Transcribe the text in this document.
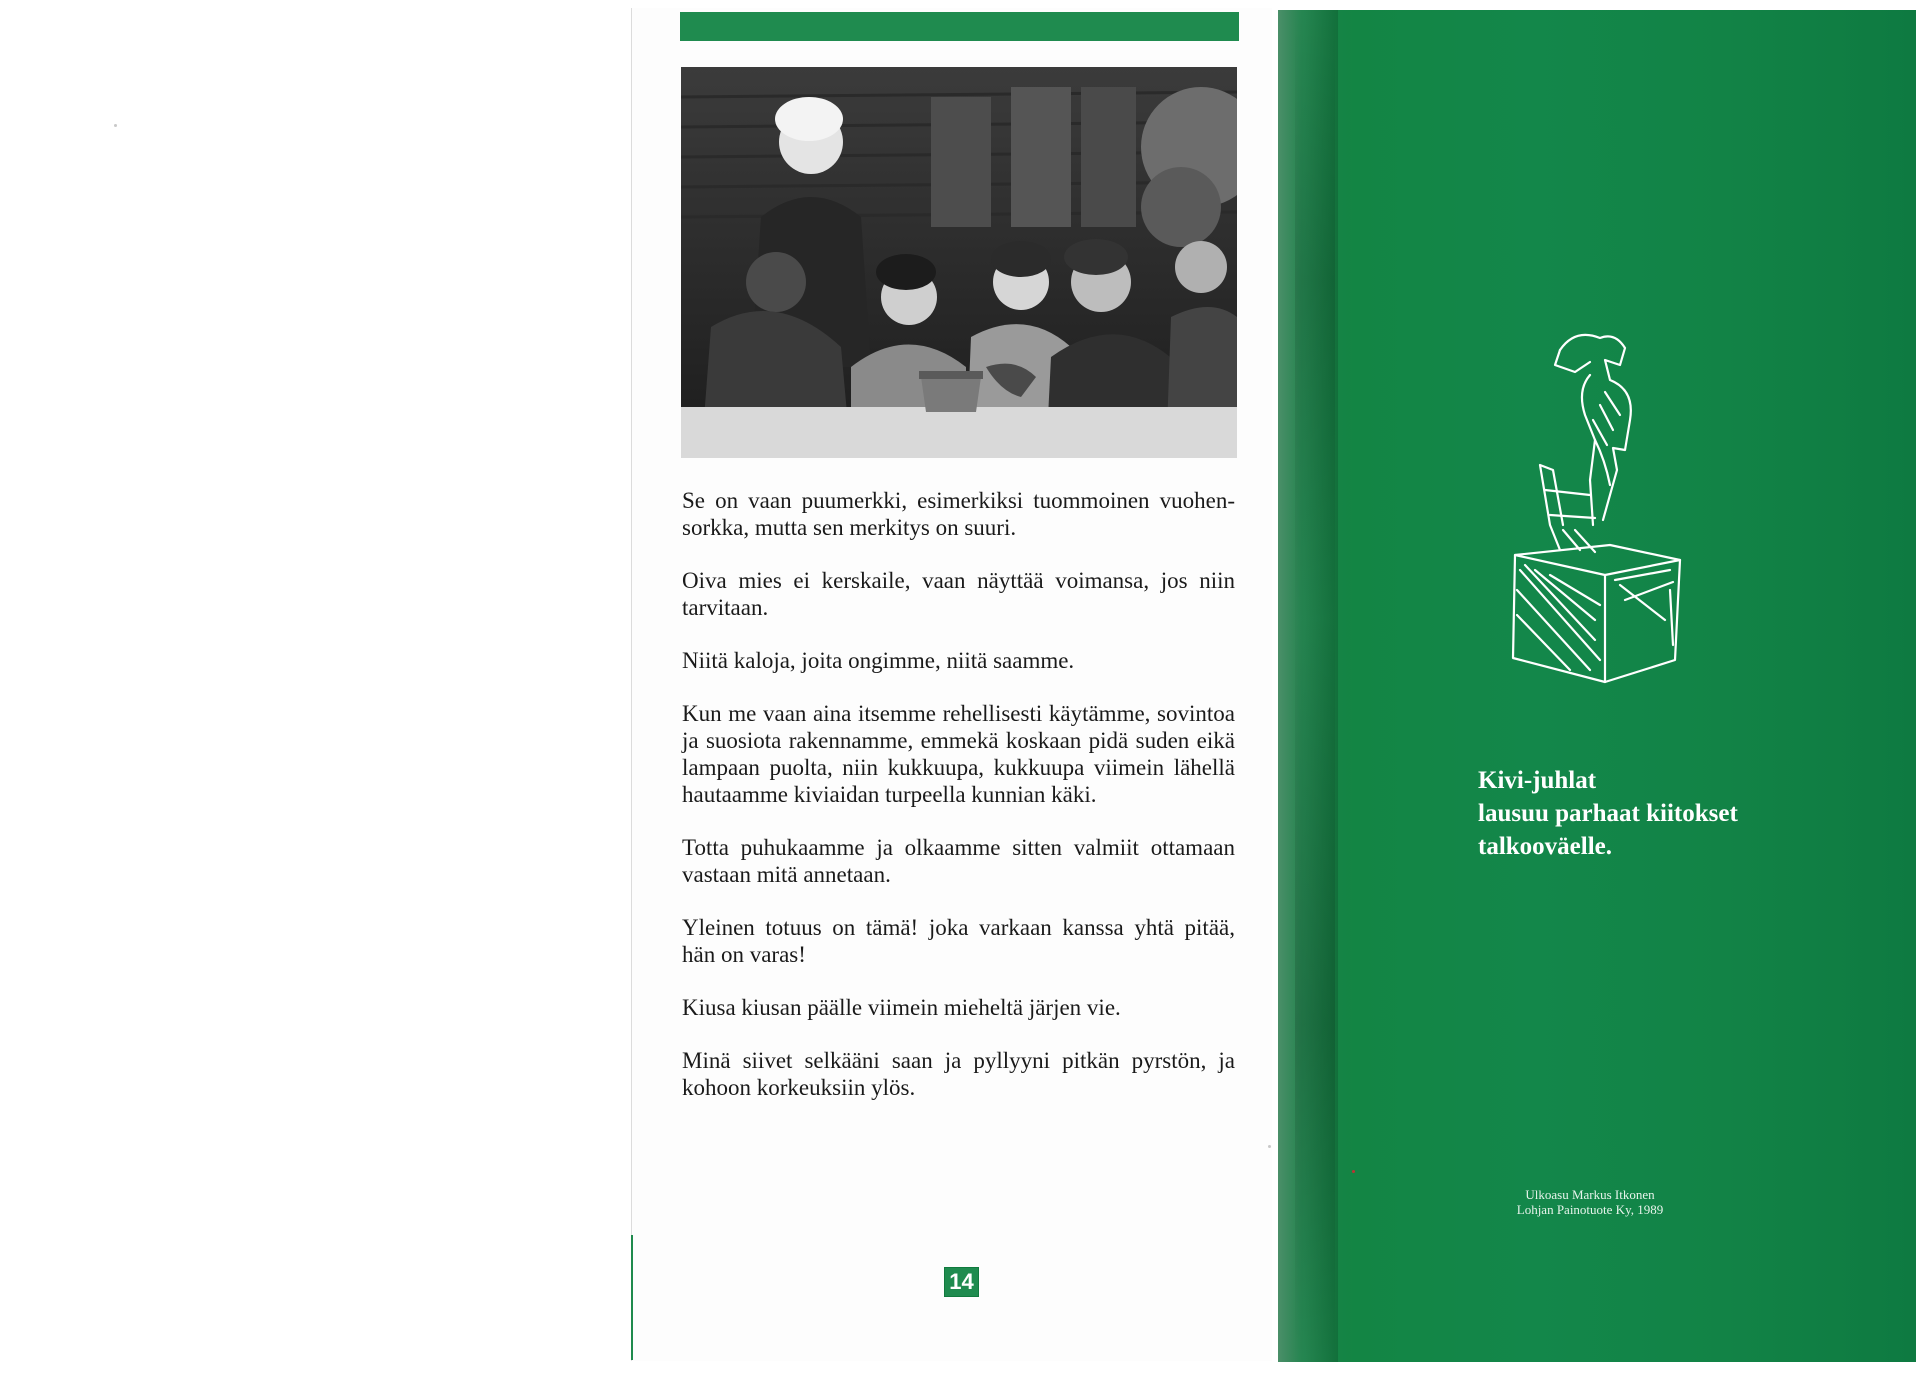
Se on vaan puumerkki, esimerkiksi tuommoinen vuohen-sorkka, mutta sen merkitys on suuri.

Oiva mies ei kerskaile, vaan näyttää voimansa, jos niin tarvitaan.

Niitä kaloja, joita ongimme, niitä saamme.

Kun me vaan aina itsemme rehellisesti käytämme, sovintoa ja suosiota rakennamme, emmekä koskaan pidä suden eikä lampaan puolta, niin kukkuupa, kukkuupa viimein lähellä hautaamme kiviaidan turpeella kunnian käki.

Totta puhukaamme ja olkaamme sitten valmiit ottamaan vastaan mitä annetaan.

Yleinen totuus on tämä! joka varkaan kanssa yhtä pitää, hän on varas!

Kiusa kiusan päälle viimein mieheltä järjen vie.

Minä siivet selkääni saan ja pyllyyni pitkän pyrstön, ja kohoon korkeuksiin ylös.

14
Kivi-juhlat
lausuu parhaat kiitokset
talkooväelle.
Ulkoasu Markus Itkonen
Lohjan Painotuote Ky, 1989
